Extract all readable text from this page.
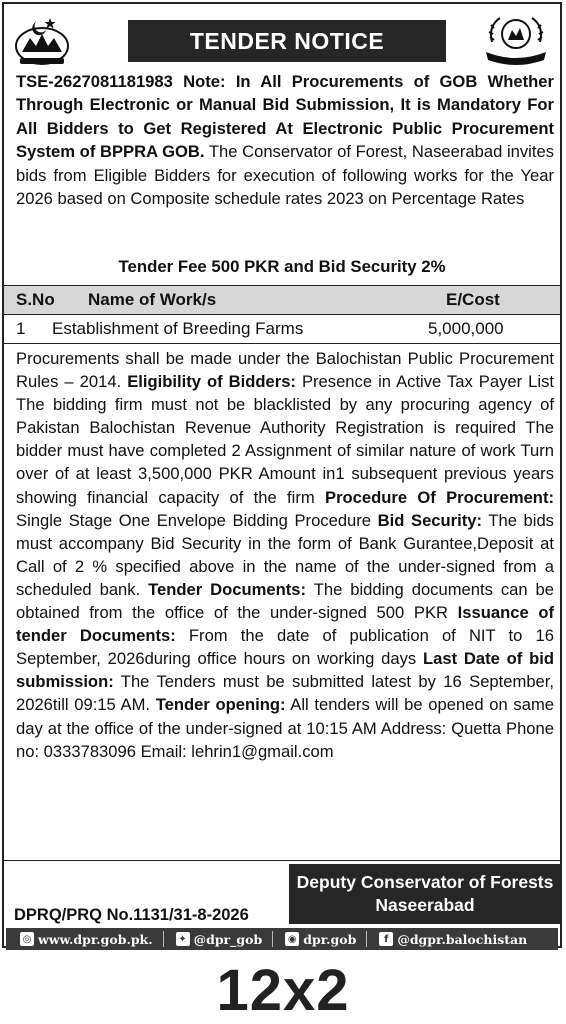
TENDER NOTICE
TSE-2627081181983 Note: In All Procurements of GOB Whether Through Electronic or Manual Bid Submission, It is Mandatory For All Bidders to Get Registered At Electronic Public Procurement System of BPPRA GOB. The Conservator of Forest, Naseerabad invites bids from Eligible Bidders for execution of following works for the Year 2026 based on Composite schedule rates 2023 on Percentage Rates
Tender Fee 500 PKR and Bid Security 2%
S.No Name of Work/s	E/Cost
1 Establishment of Breeding Farms	5,000,000
Procurements shall be made under the Balochistan Public Procurement Rules – 2014. Eligibility of Bidders: Presence in Active Tax Payer List The bidding firm must not be blacklisted by any procuring agency of Pakistan Balochistan Revenue Authority Registration is required The bidder must have completed 2 Assignment of similar nature of work Turn over of at least 3,500,000 PKR Amount in1 subsequent previous years showing financial capacity of the firm Procedure Of Procurement: Single Stage One Envelope Bidding Procedure Bid Security: The bids must accompany Bid Security in the form of Bank Gurantee,Deposit at Call of 2 % specified above in the name of the under-signed from a scheduled bank. Tender Documents: The bidding documents can be obtained from the office of the under-signed 500 PKR Issuance of tender Documents: From the date of publication of NIT to 16 September, 2026during office hours on working days Last Date of bid submission: The Tenders must be submitted latest by 16 September, 2026till 09:15 AM. Tender opening: All tenders will be opened on same day at the office of the under-signed at 10:15 AM Address: Quetta Phone no: 0333783096 Email: lehrin1@gmail.com
Deputy Conservator of Forests
Naseerabad
DPRQ/PRQ No.1131/31-8-2026
◎ www.dpr.gob.pk.	✦ @dpr_gob	◉ dpr.gob	f @dgpr.balochistan
12x2
